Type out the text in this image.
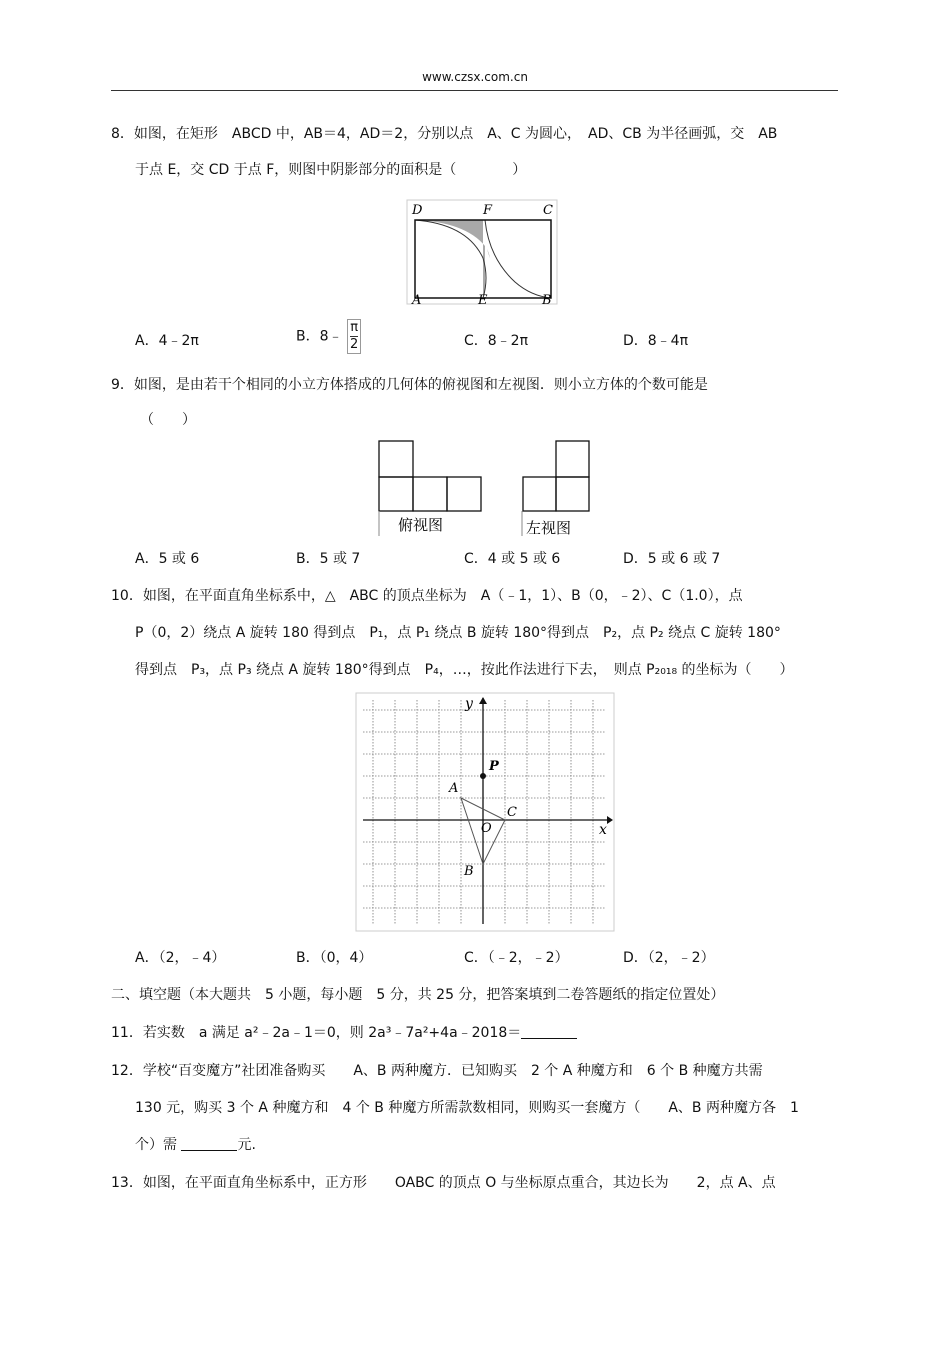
www.czsx.com.cn
8．如图，在矩形　ABCD 中，AB＝4，AD＝2，分别以点　A、C 为圆心，　AD、CB 为半径画弧，交　AB
于点 E，交 CD 于点 F，则图中阴影部分的面积是（　　　　）
D	F	C
A	E	B
A．4﹣2π	B．8﹣ $\frac{\pi}{2}$	C．8﹣2π	D．8﹣4π
9．如图，是由若干个相同的小立方体搭成的几何体的俯视图和左视图．则小立方体的个数可能是
（　　）
俯视图	左视图
A．5 或 6	B．5 或 7	C．4 或 5 或 6	D．5 或 6 或 7
10．如图，在平面直角坐标系中，△　ABC 的顶点坐标为　A（﹣1，1）、B（0，﹣2）、C（1.0），点
P（0，2）绕点 A 旋转 180 得到点　P₁，点 P₁ 绕点 B 旋转 180°得到点　P₂，点 P₂ 绕点 C 旋转 180°
得到点　P₃，点 P₃ 绕点 A 旋转 180°得到点　P₄，…，按此作法进行下去，　则点 P₂₀₁₈ 的坐标为（　　）
x
y
P
A
B
C
O
A．（2，﹣4）	B．（0，4）	C．（﹣2，﹣2）	D．（2，﹣2）
二、填空题（本大题共　5 小题，每小题　5 分，共 25 分，把答案填到二卷答题纸的指定位置处）
11．若实数　a 满足 a²﹣2a﹣1＝0，则 2a³﹣7a²+4a﹣2018＝
12．学校“百变魔方”社团准备购买　　A、B 两种魔方．已知购买　2 个 A 种魔方和　6 个 B 种魔方共需
130 元，购买 3 个 A 种魔方和　4 个 B 种魔方所需款数相同，则购买一套魔方（　　A、B 两种魔方各　1
个）需	元.
13．如图，在平面直角坐标系中，正方形　　OABC 的顶点 O 与坐标原点重合，其边长为　　2，点 A、点
